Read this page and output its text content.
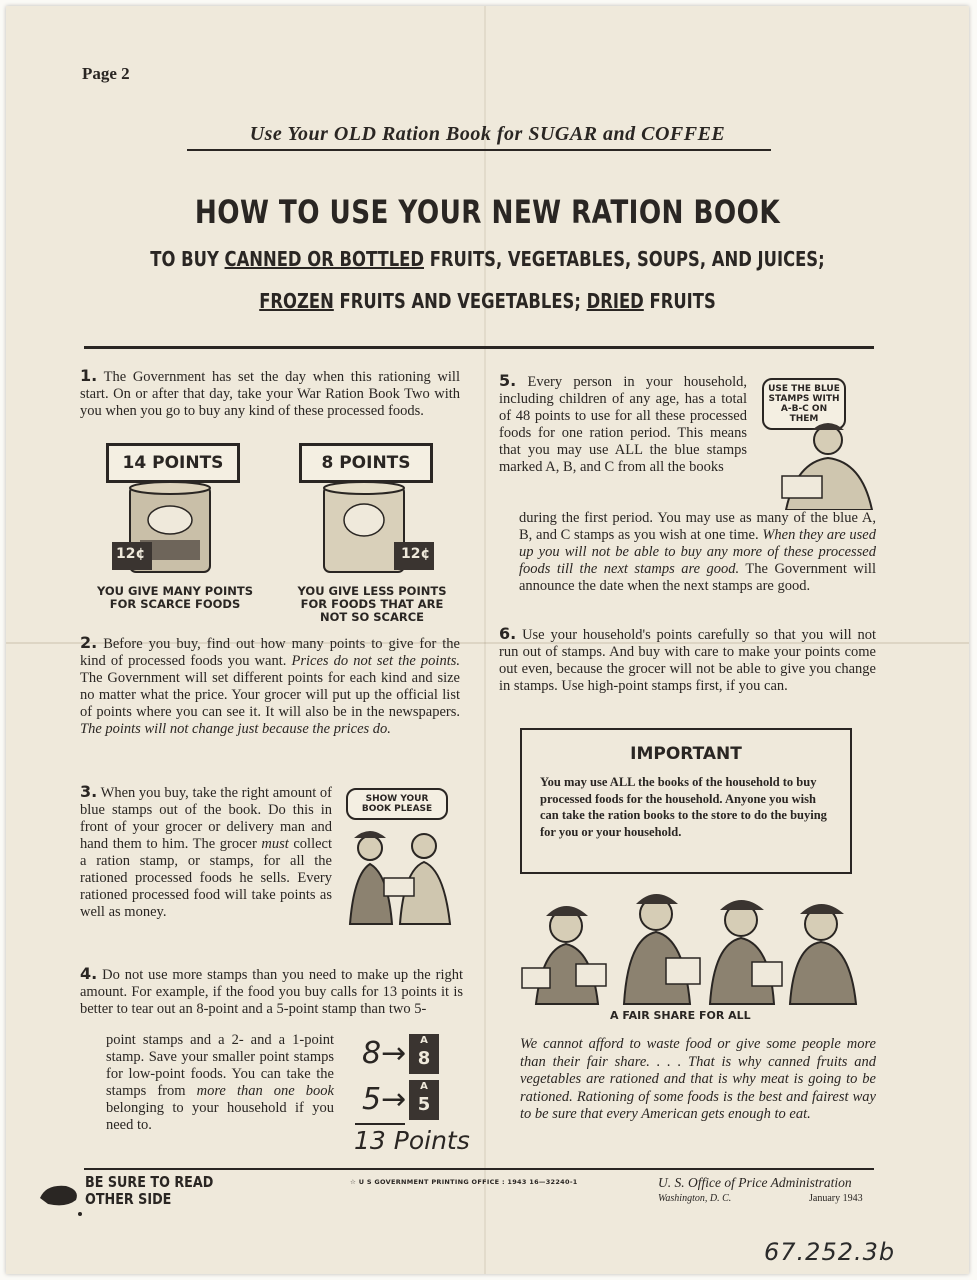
Page 2
Use Your OLD Ration Book for SUGAR and COFFEE
HOW TO USE YOUR NEW RATION BOOK
TO BUY CANNED OR BOTTLED FRUITS, VEGETABLES, SOUPS, AND JUICES;
FROZEN FRUITS AND VEGETABLES; DRIED FRUITS
1. The Government has set the day when this rationing will start. On or after that day, take your War Ration Book Two with you when you go to buy any kind of these processed foods.
14 POINTS
12¢
YOU GIVE MANY POINTS FOR SCARCE FOODS
8 POINTS
12¢
YOU GIVE LESS POINTS FOR FOODS THAT ARE NOT SO SCARCE
2. Before you buy, find out how many points to give for the kind of processed foods you want. Prices do not set the points. The Government will set different points for each kind and size no matter what the price. Your grocer will put up the official list of points where you can see it. It will also be in the newspapers. The points will not change just because the prices do.
3. When you buy, take the right amount of blue stamps out of the book. Do this in front of your grocer or delivery man and hand them to him. The grocer must collect a ration stamp, or stamps, for all the rationed processed foods he sells. Every rationed processed food will take points as well as money.
SHOW YOUR BOOK PLEASE
4. Do not use more stamps than you need to make up the right amount. For example, if the food you buy calls for 13 points it is better to tear out an 8-point and a 5-point stamp than two 5-
point stamps and a 2- and a 1-point stamp. Save your smaller point stamps for low-point foods. You can take the stamps from more than one book belonging to your household if you need to.
8→	A
8
5→	A
5
13 Points
5. Every person in your household, including children of any age, has a total of 48 points to use for all these processed foods for one ration period. This means that you may use ALL the blue stamps marked A, B, and C from all the books
during the first period. You may use as many of the blue A, B, and C stamps as you wish at one time. When they are used up you will not be able to buy any more of these processed foods till the next stamps are good. The Government will announce the date when the next stamps are good.
USE THE BLUE STAMPS WITH A-B-C ON THEM
6. Use your household's points carefully so that you will not run out of stamps. And buy with care to make your points come out even, because the grocer will not be able to give you change in stamps. Use high-point stamps first, if you can.
IMPORTANT
You may use ALL the books of the household to buy processed foods for the household. Anyone you wish can take the ration books to the store to do the buying for you or your household.
A FAIR SHARE FOR ALL
We cannot afford to waste food or give some people more than their fair share. . . . That is why canned fruits and vegetables are rationed and that is why meat is going to be rationed. Rationing of some foods is the best and fairest way to be sure that every American gets enough to eat.
BE SURE TO READ
OTHER SIDE
☆ U S GOVERNMENT PRINTING OFFICE : 1943 16—32240-1	U. S. Office of Price Administration
Washington, D. C.	January 1943
67.252.3b
